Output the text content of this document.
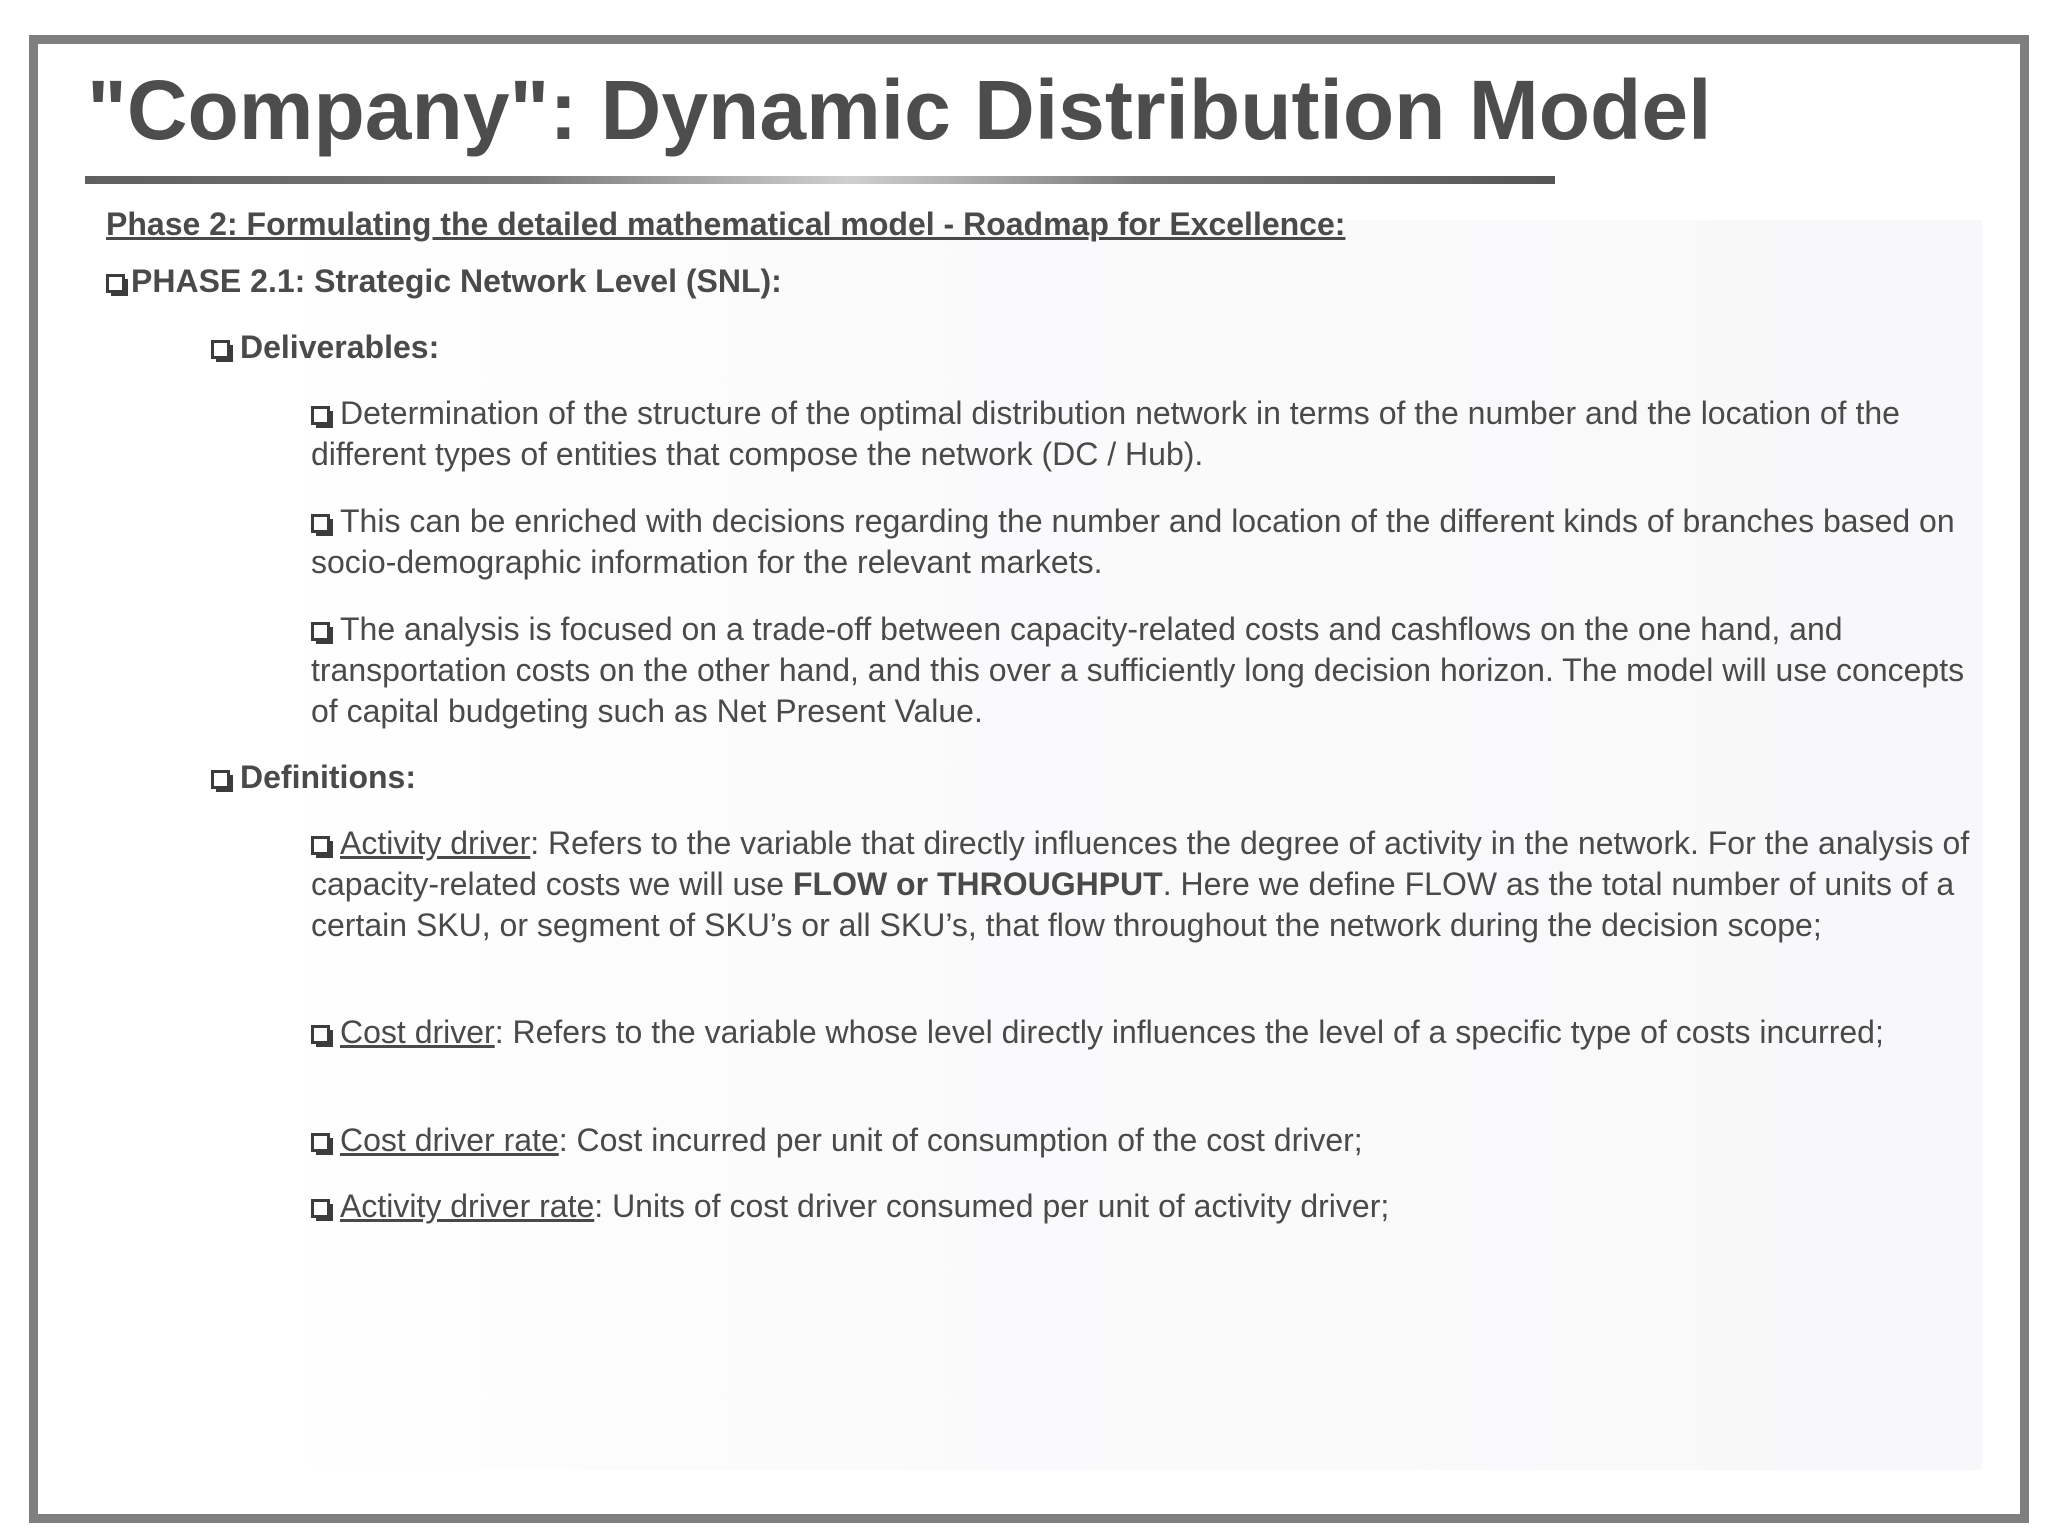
"Company": Dynamic Distribution Model
Phase 2: Formulating the detailed mathematical model - Roadmap for Excellence:
PHASE 2.1: Strategic Network Level (SNL):
Deliverables:
Determination of the structure of the optimal distribution network in terms of the number and the location of the different types of entities that compose the network (DC / Hub).
This can be enriched with decisions regarding the number and location of the different kinds of branches based on socio-demographic information for the relevant markets.
The analysis is focused on a trade-off between capacity-related costs and cashflows on the one hand, and transportation costs on the other hand, and this over a sufficiently long decision horizon. The model will use concepts of capital budgeting such as Net Present Value.
Definitions:
Activity driver: Refers to the variable that directly influences the degree of activity in the network. For the analysis of capacity-related costs we will use FLOW or THROUGHPUT. Here we define FLOW as the total number of units of a certain SKU, or segment of SKU’s or all SKU’s, that flow throughout the network during the decision scope;
Cost driver: Refers to the variable whose level directly influences the level of a specific type of costs incurred;
Cost driver rate: Cost incurred per unit of consumption of the cost driver;
Activity driver rate: Units of cost driver consumed per unit of activity driver;
